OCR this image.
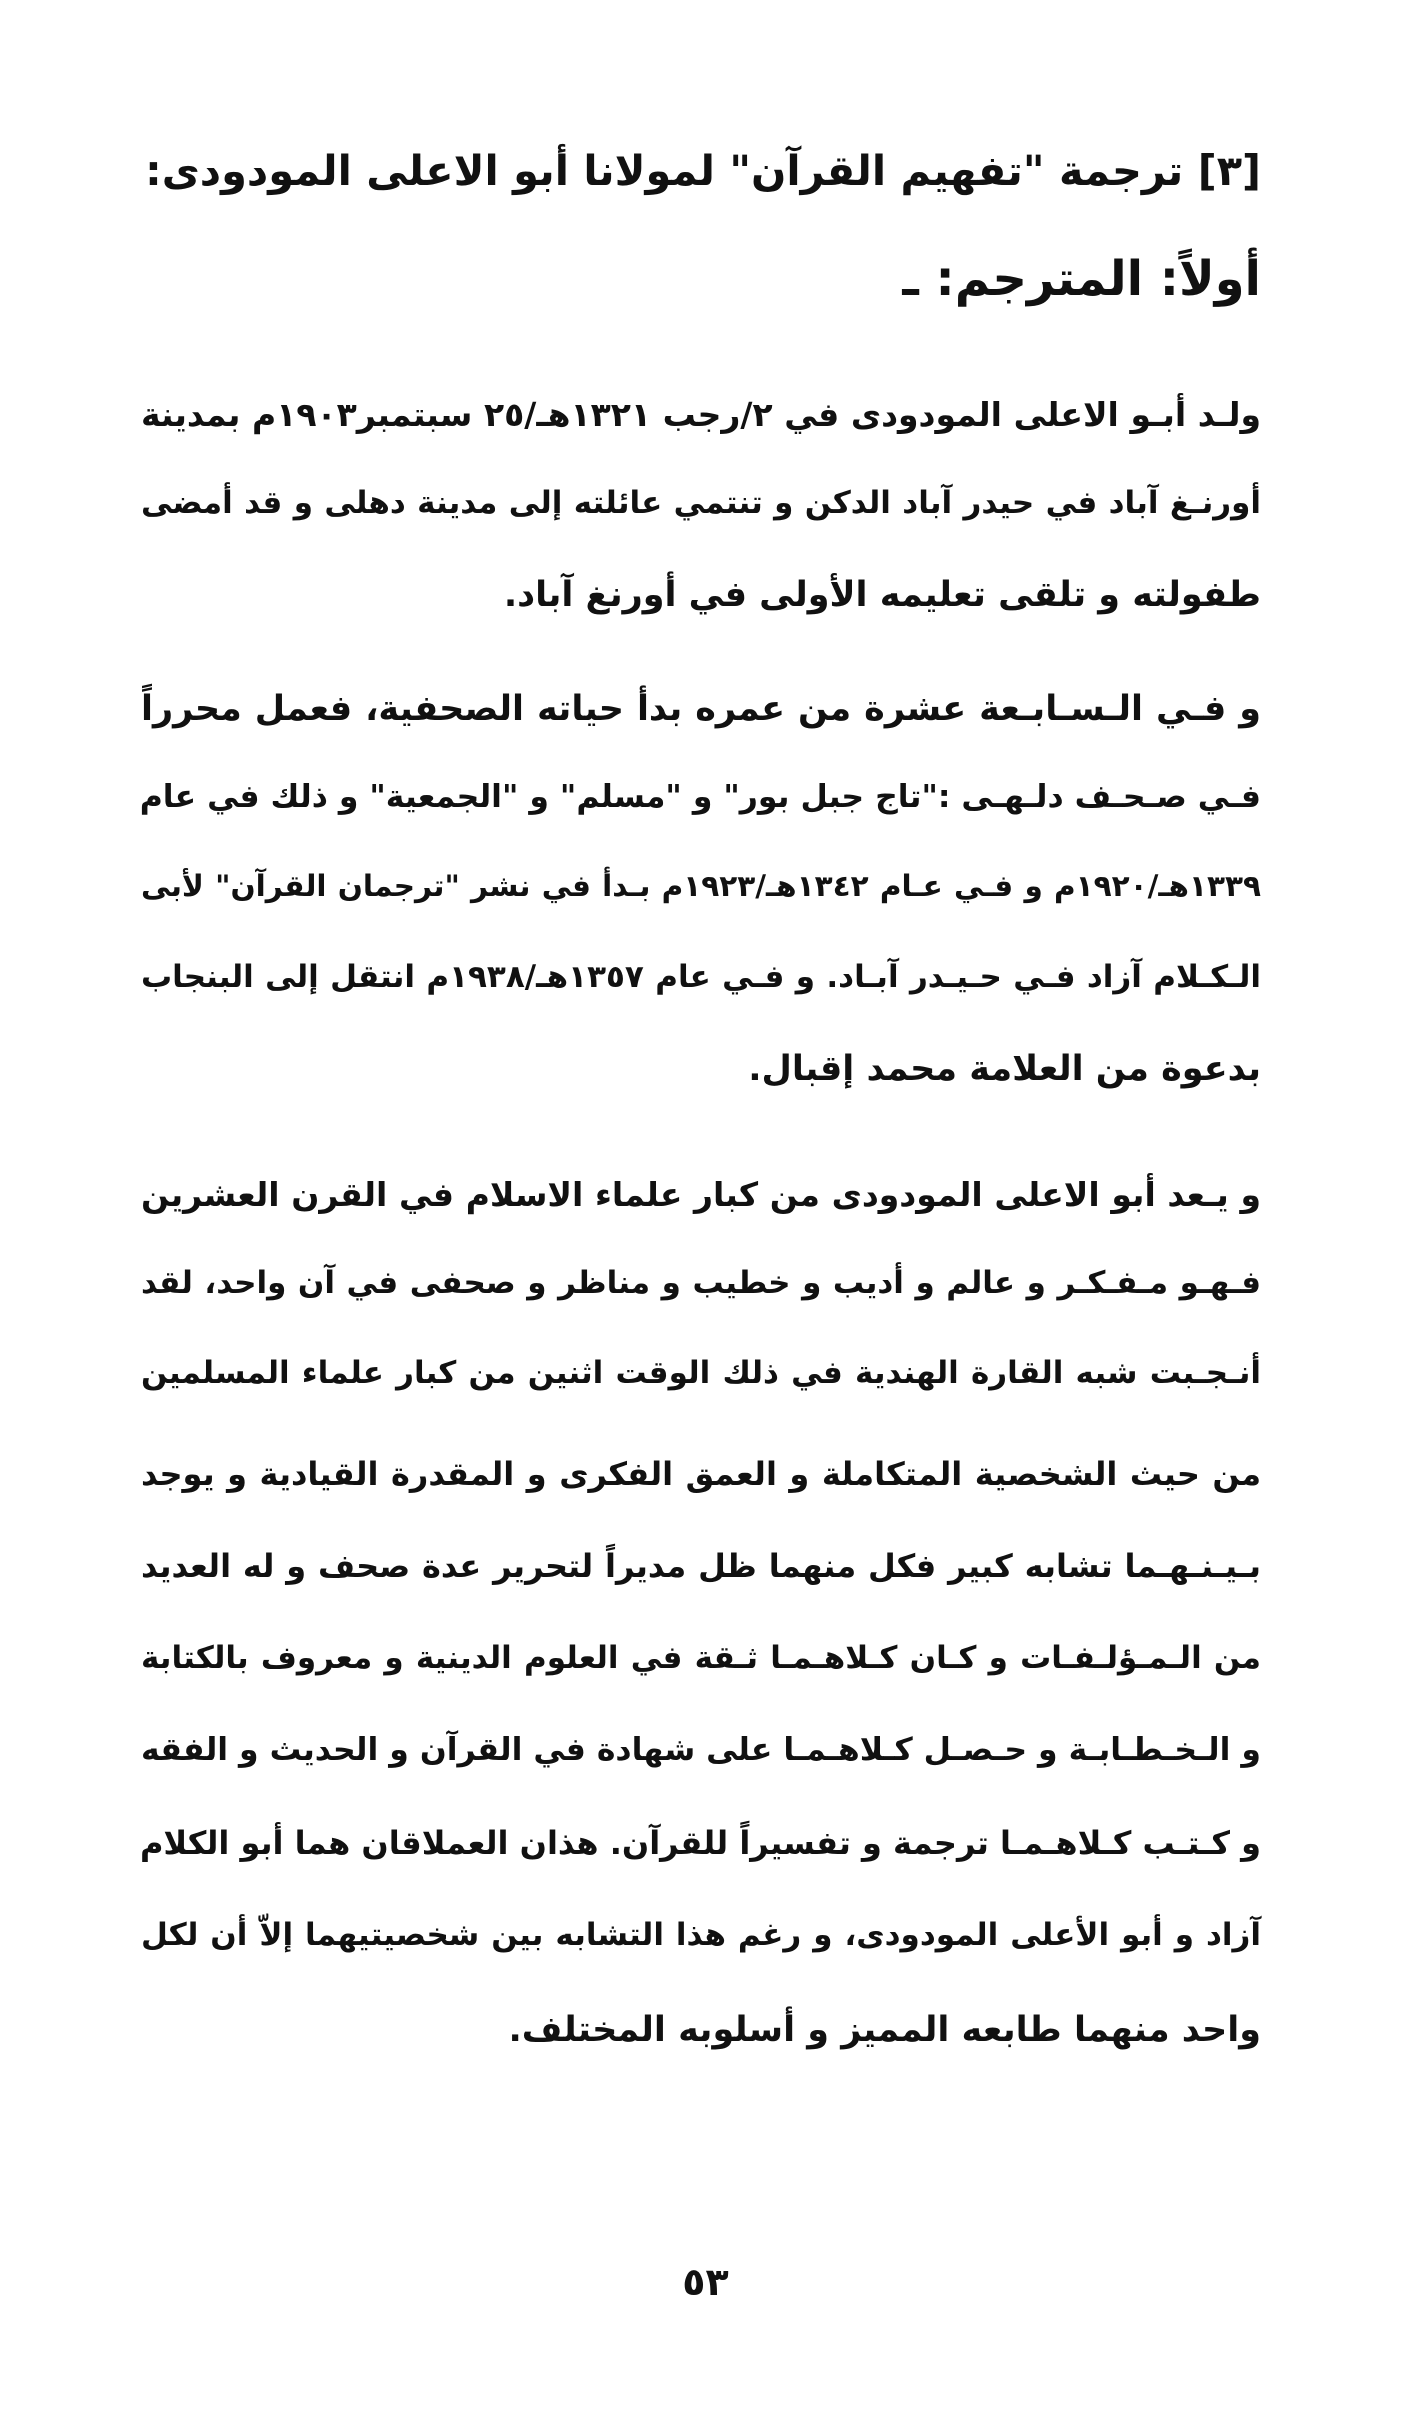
[٣] ترجمة "تفهيم القرآن" لمولانا أبو الاعلى المودودى:
أولاً: المترجم: ـ
ولـد أبـو الاعلى المودودى في ٢/رجب ١٣٢١هـ/٢٥ سبتمبر١٩٠٣م بمدينة
أورنـغ آباد في حيدر آباد الدكن و تنتمي عائلته إلى مدينة دهلى و قد أمضى
طفولته و تلقى تعليمه الأولى في أورنغ آباد.
و فـي الـسـابـعة عشرة من عمره بدأ حياته الصحفية، فعمل محرراً
فـي صـحـف دلـهـى :"تاج جبل بور" و "مسلم" و "الجمعية" و ذلك في عام
١٣٣٩هـ/١٩٢٠م و فـي عـام ١٣٤٢هـ/١٩٢٣م بـدأ في نشر "ترجمان القرآن" لأبى
الـكـلام آزاد فـي حـيـدر آبـاد. و فـي عام ١٣٥٧هـ/١٩٣٨م انتقل إلى البنجاب
بدعوة من العلامة محمد إقبال.
و يـعد أبو الاعلى المودودى من كبار علماء الاسلام في القرن العشرين
فـهـو مـفـكـر و عالم و أديب و خطيب و مناظر و صحفى في آن واحد، لقد
أنـجـبت شبه القارة الهندية في ذلك الوقت اثنين من كبار علماء المسلمين
من حيث الشخصية المتكاملة و العمق الفكرى و المقدرة القيادية و يوجد
بـيـنـهـما تشابه كبير فكل منهما ظل مديراً لتحرير عدة صحف و له العديد
من الـمـؤلـفـات و كـان كـلاهـمـا ثـقة في العلوم الدينية و معروف بالكتابة
و الـخـطـابـة و حـصـل كـلاهـمـا على شهادة في القرآن و الحديث و الفقه
و كـتـب كـلاهـمـا ترجمة و تفسيراً للقرآن. هذان العملاقان هما أبو الكلام
آزاد و أبو الأعلى المودودى، و رغم هذا التشابه بين شخصيتيهما إلاّ أن لكل
واحد منهما طابعه المميز و أسلوبه المختلف.
٥٣
